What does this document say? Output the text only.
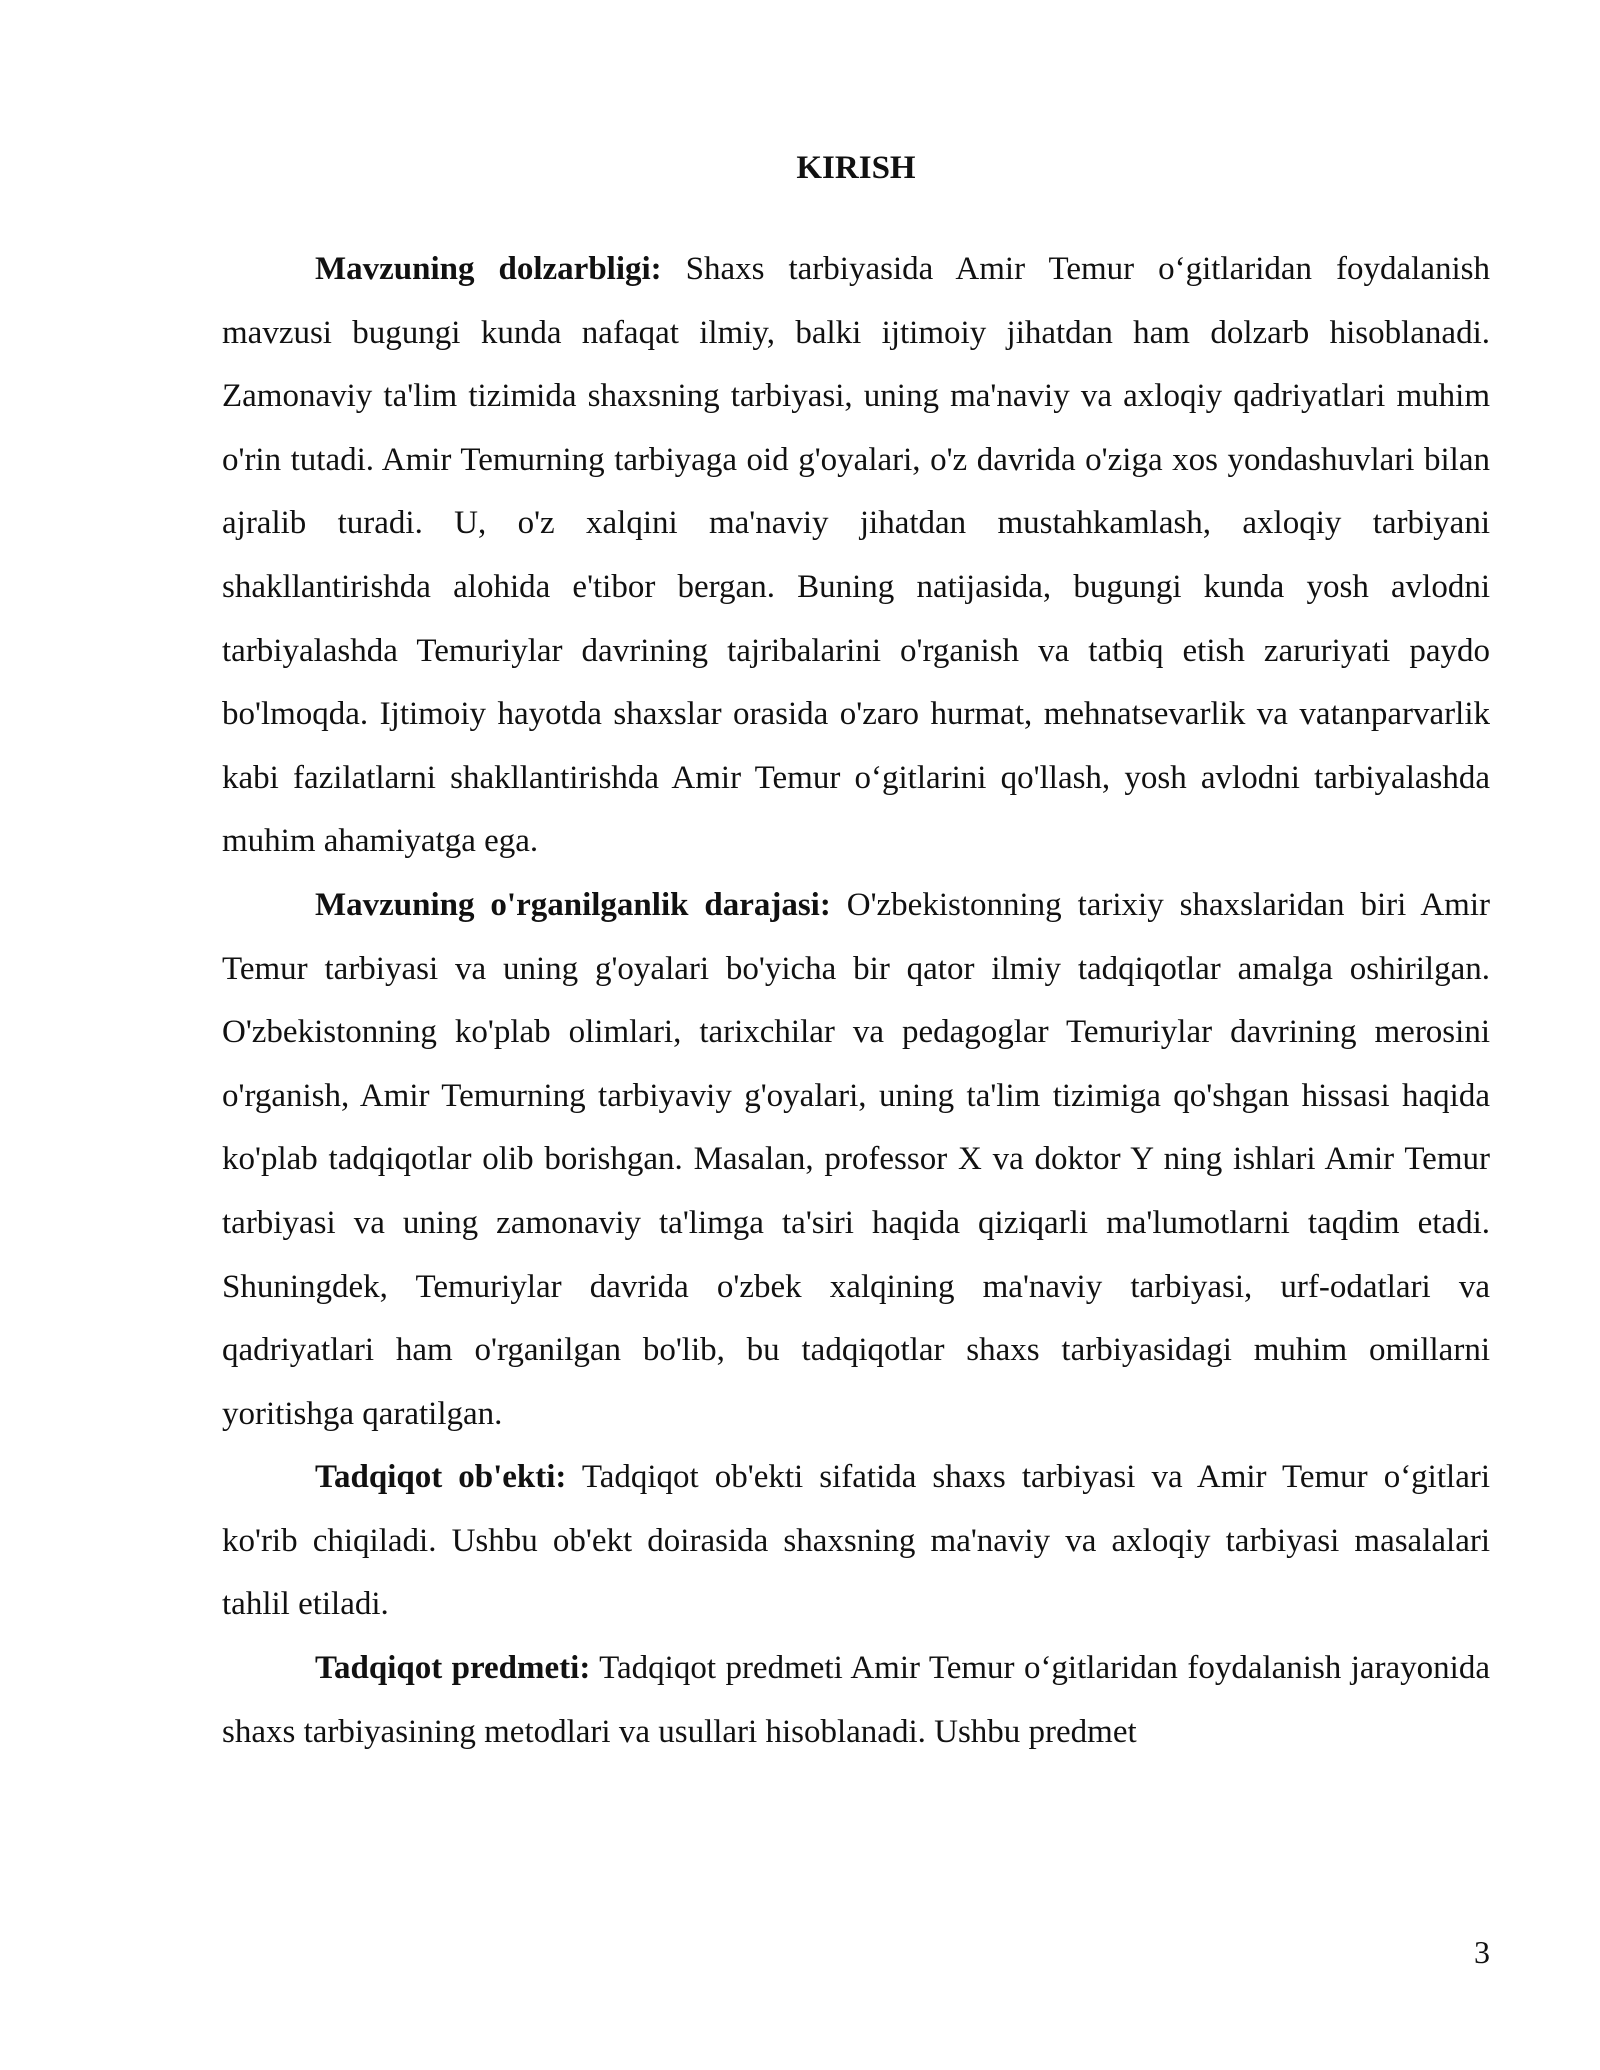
KIRISH

Mavzuning dolzarbligi: Shaxs tarbiyasida Amir Temur o‘gitlaridan foydalanish mavzusi bugungi kunda nafaqat ilmiy, balki ijtimoiy jihatdan ham dolzarb hisoblanadi. Zamonaviy ta'lim tizimida shaxsning tarbiyasi, uning ma'naviy va axloqiy qadriyatlari muhim o'rin tutadi. Amir Temurning tarbiyaga oid g'oyalari, o'z davrida o'ziga xos yondashuvlari bilan ajralib turadi. U, o'z xalqini ma'naviy jihatdan mustahkamlash, axloqiy tarbiyani shakllantirishda alohida e'tibor bergan. Buning natijasida, bugungi kunda yosh avlodni tarbiyalashda Temuriylar davrining tajribalarini o'rganish va tatbiq etish zaruriyati paydo bo'lmoqda. Ijtimoiy hayotda shaxslar orasida o'zaro hurmat, mehnatsevarlik va vatanparvarlik kabi fazilatlarni shakllantirishda Amir Temur o‘gitlarini qo'llash, yosh avlodni tarbiyalashda muhim ahamiyatga ega.

Mavzuning o'rganilganlik darajasi: O'zbekistonning tarixiy shaxslaridan biri Amir Temur tarbiyasi va uning g'oyalari bo'yicha bir qator ilmiy tadqiqotlar amalga oshirilgan. O'zbekistonning ko'plab olimlari, tarixchilar va pedagoglar Temuriylar davrining merosini o'rganish, Amir Temurning tarbiyaviy g'oyalari, uning ta'lim tizimiga qo'shgan hissasi haqida ko'plab tadqiqotlar olib borishgan. Masalan, professor X va doktor Y ning ishlari Amir Temur tarbiyasi va uning zamonaviy ta'limga ta'siri haqida qiziqarli ma'lumotlarni taqdim etadi. Shuningdek, Temuriylar davrida o'zbek xalqining ma'naviy tarbiyasi, urf-odatlari va qadriyatlari ham o'rganilgan bo'lib, bu tadqiqotlar shaxs tarbiyasidagi muhim omillarni yoritishga qaratilgan.

Tadqiqot ob'ekti: Tadqiqot ob'ekti sifatida shaxs tarbiyasi va Amir Temur o‘gitlari ko'rib chiqiladi. Ushbu ob'ekt doirasida shaxsning ma'naviy va axloqiy tarbiyasi masalalari tahlil etiladi.

Tadqiqot predmeti: Tadqiqot predmeti Amir Temur o‘gitlaridan foydalanish jarayonida shaxs tarbiyasining metodlari va usullari hisoblanadi. Ushbu predmet

3
